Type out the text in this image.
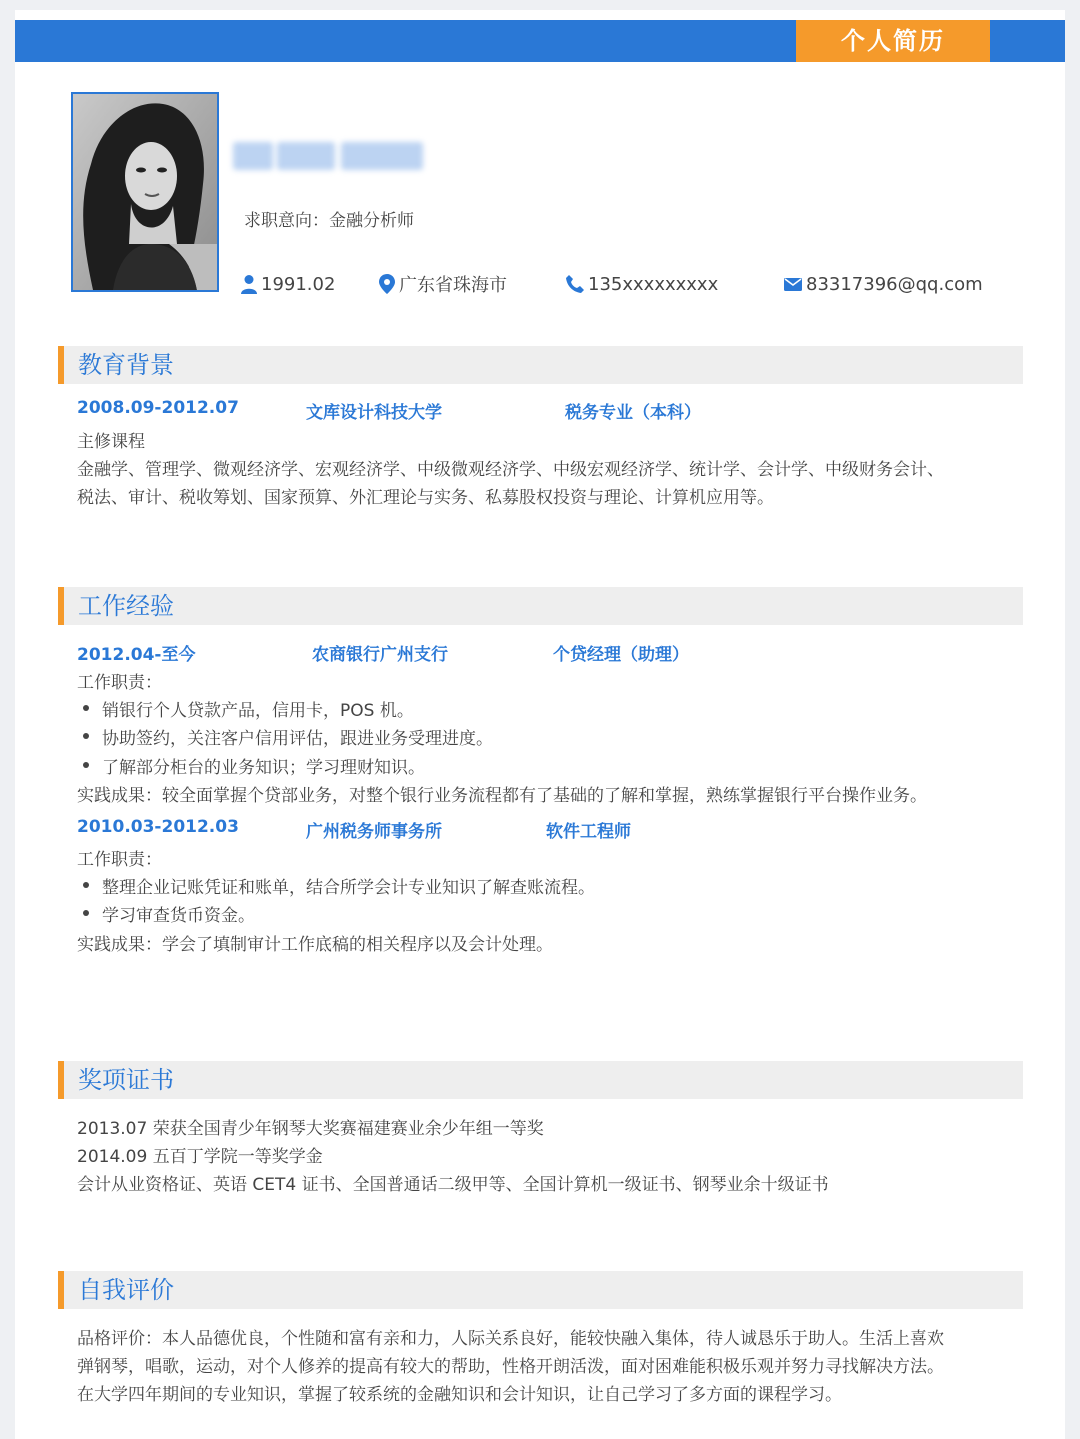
个人简历
求职意向：金融分析师
1991.02	广东省珠海市	135xxxxxxxxx	83317396@qq.com
教育背景
2008.09-2012.07	文库设计科技大学	税务专业（本科）
主修课程
金融学、管理学、微观经济学、宏观经济学、中级微观经济学、中级宏观经济学、统计学、会计学、中级财务会计、
税法、审计、税收筹划、国家预算、外汇理论与实务、私募股权投资与理论、计算机应用等。
工作经验
2012.04-至今	农商银行广州支行	个贷经理（助理）
工作职责：
销银行个人贷款产品，信用卡，POS 机。
协助签约，关注客户信用评估，跟进业务受理进度。
了解部分柜台的业务知识；学习理财知识。
实践成果：较全面掌握个贷部业务，对整个银行业务流程都有了基础的了解和掌握，熟练掌握银行平台操作业务。
2010.03-2012.03	广州税务师事务所	软件工程师
工作职责：
整理企业记账凭证和账单，结合所学会计专业知识了解查账流程。
学习审查货币资金。
实践成果：学会了填制审计工作底稿的相关程序以及会计处理。
奖项证书
2013.07 荣获全国青少年钢琴大奖赛福建赛业余少年组一等奖
2014.09 五百丁学院一等奖学金
会计从业资格证、英语 CET4 证书、全国普通话二级甲等、全国计算机一级证书、钢琴业余十级证书
自我评价
品格评价：本人品德优良，个性随和富有亲和力，人际关系良好，能较快融入集体，待人诚恳乐于助人。生活上喜欢
弹钢琴，唱歌，运动，对个人修养的提高有较大的帮助，性格开朗活泼，面对困难能积极乐观并努力寻找解决方法。
在大学四年期间的专业知识，掌握了较系统的金融知识和会计知识，让自己学习了多方面的课程学习。
